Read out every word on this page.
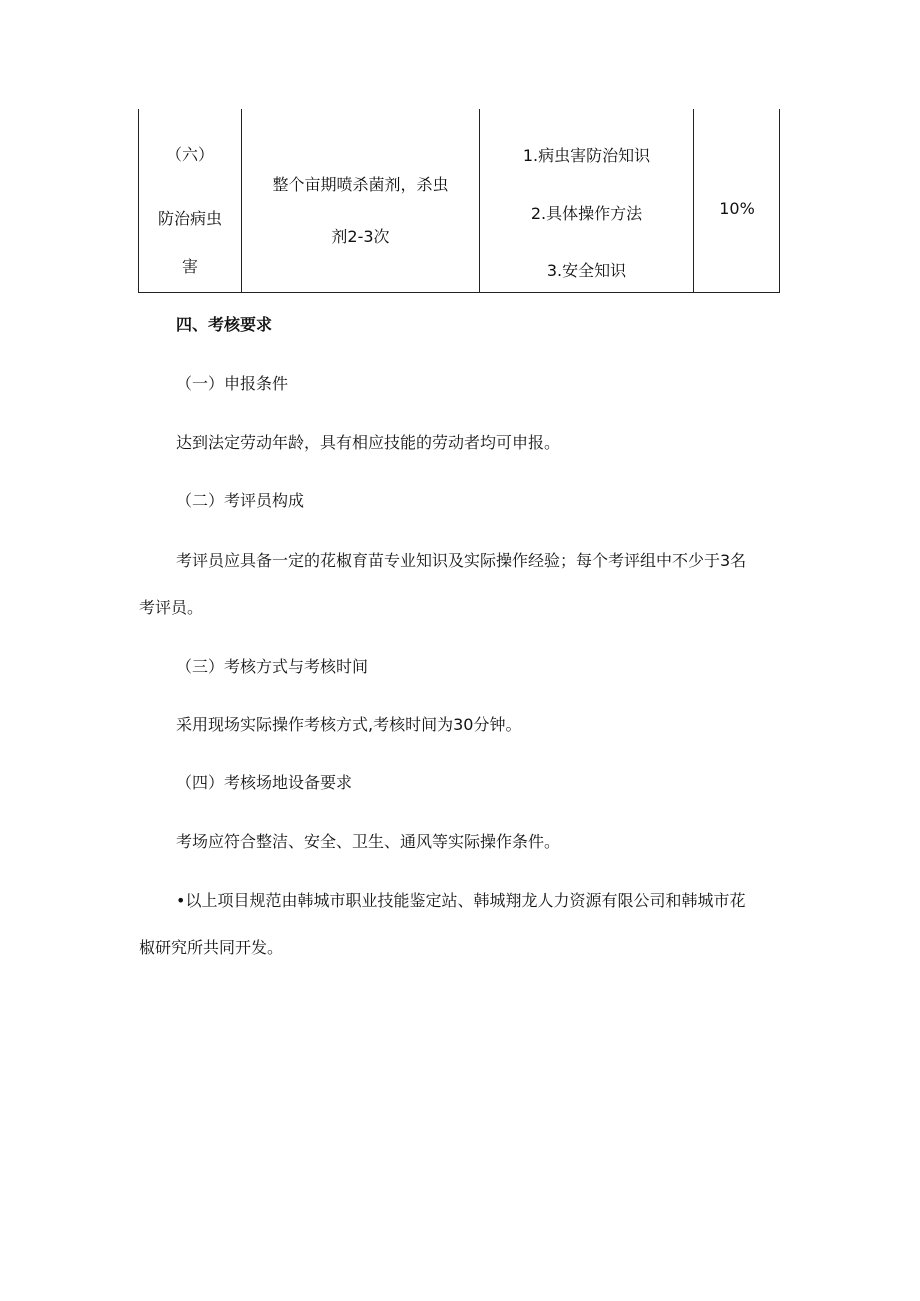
（六）
防治病虫
害
整个亩期喷杀菌剂，杀虫
剂2-3次
1.病虫害防治知识
2.具体操作方法
3.安全知识
10%
四、考核要求
（一）申报条件
达到法定劳动年龄，具有相应技能的劳动者均可申报。
（二）考评员构成
考评员应具备一定的花椒育苗专业知识及实际操作经验；每个考评组中不少于3名
考评员。
（三）考核方式与考核时间
采用现场实际操作考核方式,考核时间为30分钟。
（四）考核场地设备要求
考场应符合整洁、安全、卫生、通风等实际操作条件。
•以上项目规范由韩城市职业技能鉴定站、韩城翔龙人力资源有限公司和韩城市花
椒研究所共同开发。
